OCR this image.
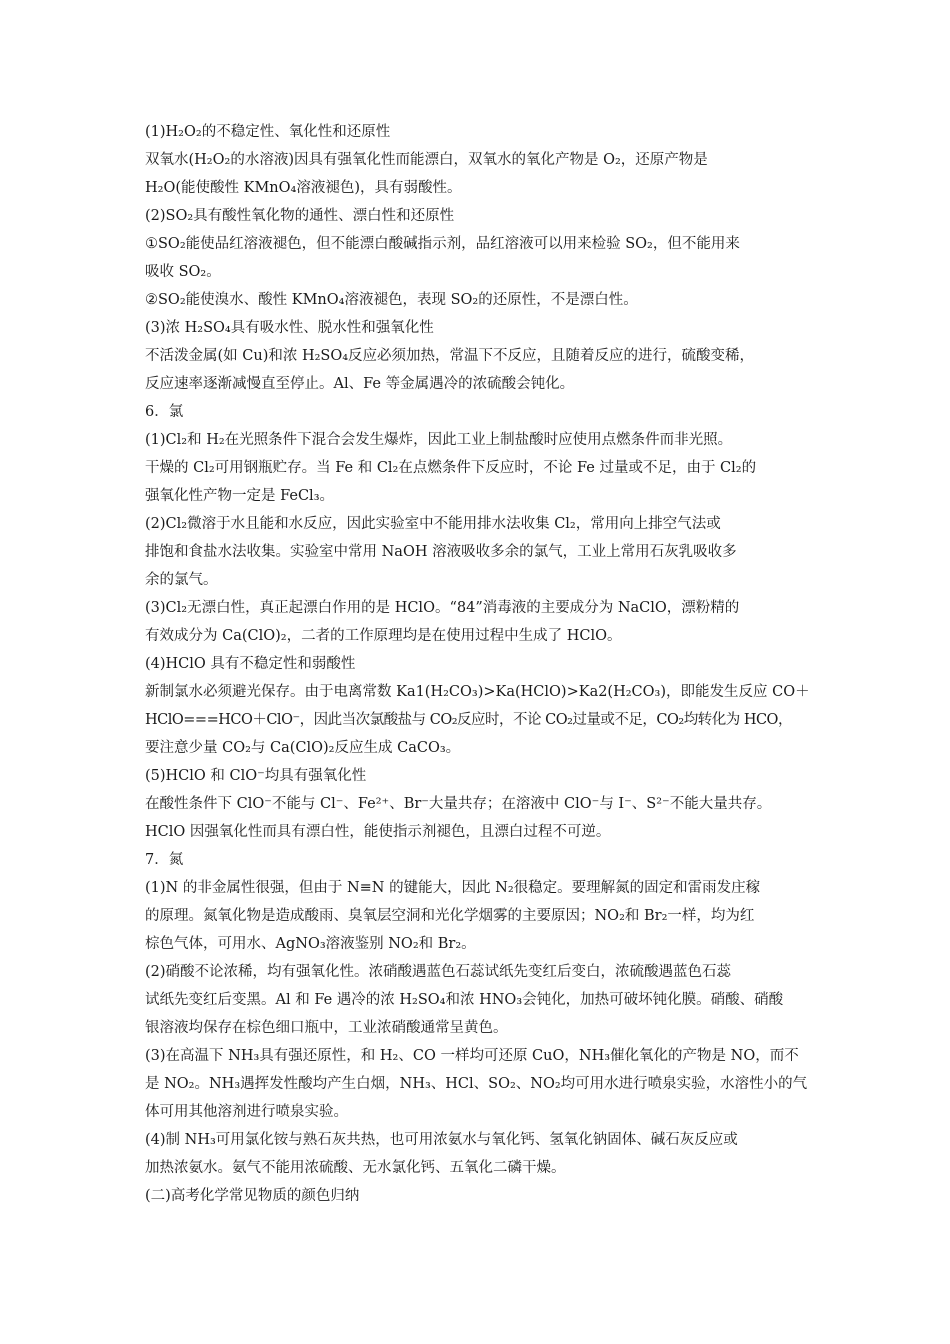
(1)H₂O₂的不稳定性、氧化性和还原性
双氧水(H₂O₂的水溶液)因具有强氧化性而能漂白，双氧水的氧化产物是 O₂，还原产物是
H₂O(能使酸性 KMnO₄溶液褪色)，具有弱酸性。
(2)SO₂具有酸性氧化物的通性、漂白性和还原性
①SO₂能使品红溶液褪色，但不能漂白酸碱指示剂，品红溶液可以用来检验 SO₂，但不能用来
吸收 SO₂。
②SO₂能使溴水、酸性 KMnO₄溶液褪色，表现 SO₂的还原性，不是漂白性。
(3)浓 H₂SO₄具有吸水性、脱水性和强氧化性
不活泼金属(如 Cu)和浓 H₂SO₄反应必须加热，常温下不反应，且随着反应的进行，硫酸变稀，
反应速率逐渐减慢直至停止。Al、Fe 等金属遇冷的浓硫酸会钝化。
6．氯
(1)Cl₂和 H₂在光照条件下混合会发生爆炸，因此工业上制盐酸时应使用点燃条件而非光照。
干燥的 Cl₂可用钢瓶贮存。当 Fe 和 Cl₂在点燃条件下反应时，不论 Fe 过量或不足，由于 Cl₂的
强氧化性产物一定是 FeCl₃。
(2)Cl₂微溶于水且能和水反应，因此实验室中不能用排水法收集 Cl₂，常用向上排空气法或
排饱和食盐水法收集。实验室中常用 NaOH 溶液吸收多余的氯气，工业上常用石灰乳吸收多
余的氯气。
(3)Cl₂无漂白性，真正起漂白作用的是 HClO。“84”消毒液的主要成分为 NaClO，漂粉精的
有效成分为 Ca(ClO)₂，二者的工作原理均是在使用过程中生成了 HClO。
(4)HClO 具有不稳定性和弱酸性
新制氯水必须避光保存。由于电离常数 Ka1(H₂CO₃)>Ka(HClO)>Ka2(H₂CO₃)，即能发生反应 CO＋
HClO===HCO＋ClO⁻，因此当次氯酸盐与 CO₂反应时，不论 CO₂过量或不足，CO₂均转化为 HCO，
要注意少量 CO₂与 Ca(ClO)₂反应生成 CaCO₃。
(5)HClO 和 ClO⁻均具有强氧化性
在酸性条件下 ClO⁻不能与 Cl⁻、Fe²⁺、Br⁻大量共存；在溶液中 ClO⁻与 I⁻、S²⁻不能大量共存。
HClO 因强氧化性而具有漂白性，能使指示剂褪色，且漂白过程不可逆。
7．氮
(1)N 的非金属性很强，但由于 N≡N 的键能大，因此 N₂很稳定。要理解氮的固定和雷雨发庄稼
的原理。氮氧化物是造成酸雨、臭氧层空洞和光化学烟雾的主要原因；NO₂和 Br₂一样，均为红
棕色气体，可用水、AgNO₃溶液鉴别 NO₂和 Br₂。
(2)硝酸不论浓稀，均有强氧化性。浓硝酸遇蓝色石蕊试纸先变红后变白，浓硫酸遇蓝色石蕊
试纸先变红后变黑。Al 和 Fe 遇冷的浓 H₂SO₄和浓 HNO₃会钝化，加热可破坏钝化膜。硝酸、硝酸
银溶液均保存在棕色细口瓶中，工业浓硝酸通常呈黄色。
(3)在高温下 NH₃具有强还原性，和 H₂、CO 一样均可还原 CuO，NH₃催化氧化的产物是 NO，而不
是 NO₂。NH₃遇挥发性酸均产生白烟，NH₃、HCl、SO₂、NO₂均可用水进行喷泉实验，水溶性小的气
体可用其他溶剂进行喷泉实验。
(4)制 NH₃可用氯化铵与熟石灰共热，也可用浓氨水与氧化钙、氢氧化钠固体、碱石灰反应或
加热浓氨水。氨气不能用浓硫酸、无水氯化钙、五氧化二磷干燥。
(二)高考化学常见物质的颜色归纳
